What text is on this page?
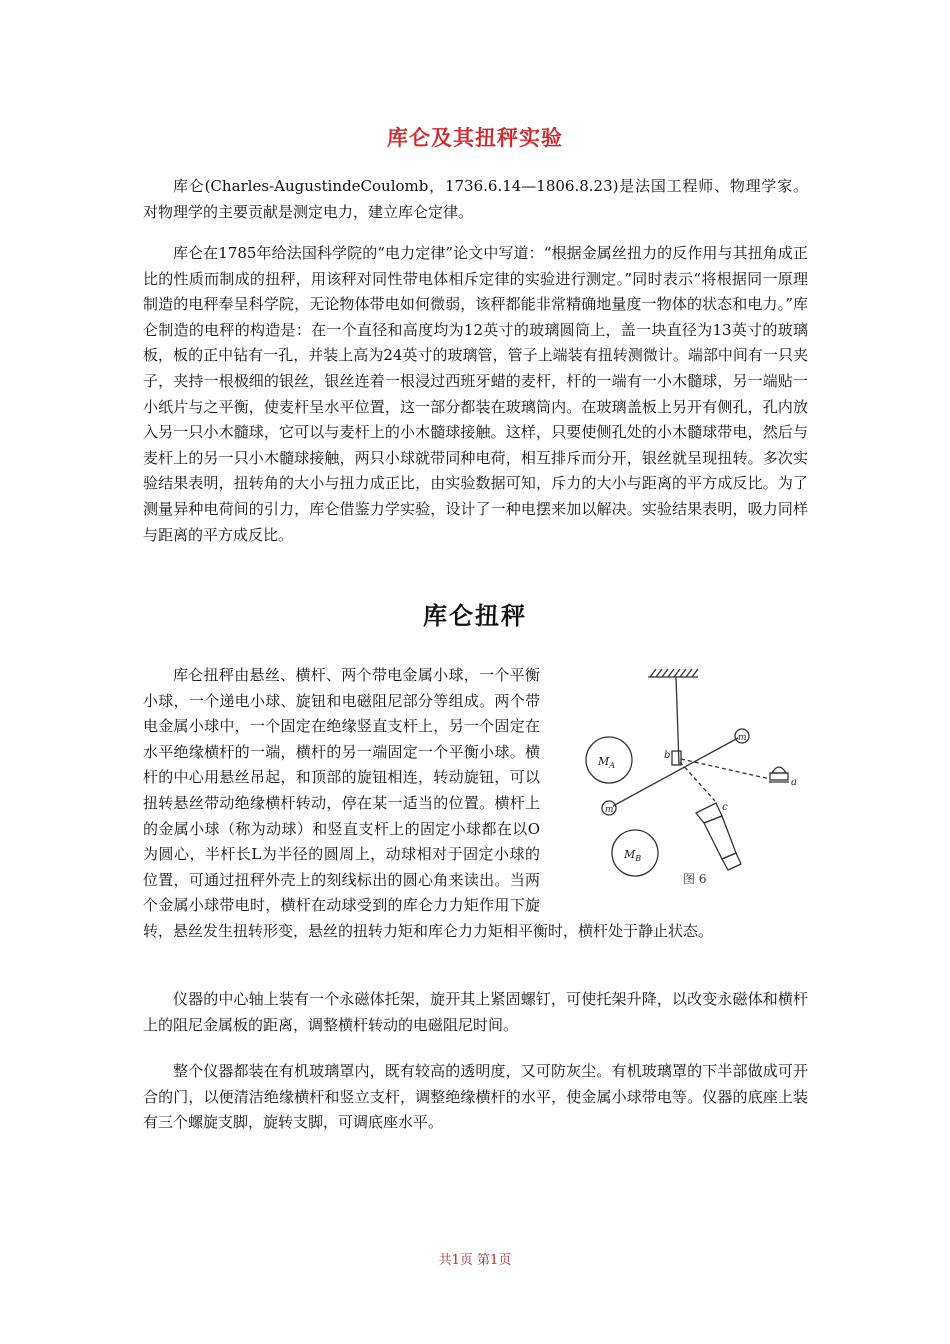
库仑及其扭秤实验

库仑(Charles-AugustindeCoulomb，1736.6.14—1806.8.23)是法国工程师、物理学家。对物理学的主要贡献是测定电力，建立库仑定律。

库仑在1785年给法国科学院的“电力定律”论文中写道：“根据金属丝扭力的反作用与其扭角成正比的性质而制成的扭秤，用该秤对同性带电体相斥定律的实验进行测定。”同时表示“将根据同一原理制造的电秤奉呈科学院，无论物体带电如何微弱，该秤都能非常精确地量度一物体的状态和电力。”库仑制造的电秤的构造是：在一个直径和高度均为12英寸的玻璃圆筒上，盖一块直径为13英寸的玻璃板，板的正中钻有一孔，并装上高为24英寸的玻璃管，管子上端装有扭转测微计。端部中间有一只夹子，夹持一根极细的银丝，银丝连着一根浸过西班牙蜡的麦杆，杆的一端有一小木髓球，另一端贴一小纸片与之平衡，使麦杆呈水平位置，这一部分都装在玻璃筒内。在玻璃盖板上另开有侧孔，孔内放入另一只小木髓球，它可以与麦杆上的小木髓球接触。这样，只要使侧孔处的小木髓球带电，然后与麦杆上的另一只小木髓球接触，两只小球就带同种电荷，相互排斥而分开，银丝就呈现扭转。多次实验结果表明，扭转角的大小与扭力成正比，由实验数据可知，斥力的大小与距离的平方成反比。为了测量异种电荷间的引力，库仑借鉴力学实验，设计了一种电摆来加以解决。实验结果表明，吸力同样与距离的平方成反比。

库仑扭秤
$M_A$
$M_B$
m
m
b
a
c
图 6

库仑扭秤由悬丝、横杆、两个带电金属小球，一个平衡小球，一个递电小球、旋钮和电磁阻尼部分等组成。两个带电金属小球中，一个固定在绝缘竖直支杆上，另一个固定在水平绝缘横杆的一端，横杆的另一端固定一个平衡小球。横杆的中心用悬丝吊起，和顶部的旋钮相连，转动旋钮，可以扭转悬丝带动绝缘横杆转动，停在某一适当的位置。横杆上的金属小球（称为动球）和竖直支杆上的固定小球都在以O为圆心，半杆长L为半径的圆周上，动球相对于固定小球的位置，可通过扭秤外壳上的刻线标出的圆心角来读出。当两个金属小球带电时，横杆在动球受到的库仑力力矩作用下旋转，悬丝发生扭转形变，悬丝的扭转力矩和库仑力力矩相平衡时，横杆处于静止状态。

仪器的中心轴上装有一个永磁体托架，旋开其上紧固螺钉，可使托架升降，以改变永磁体和横杆上的阻尼金属板的距离，调整横杆转动的电磁阻尼时间。

整个仪器都装在有机玻璃罩内，既有较高的透明度，又可防灰尘。有机玻璃罩的下半部做成可开合的门，以便清洁绝缘横杆和竖立支杆，调整绝缘横杆的水平，使金属小球带电等。仪器的底座上装有三个螺旋支脚，旋转支脚，可调底座水平。

共1页 第1页
